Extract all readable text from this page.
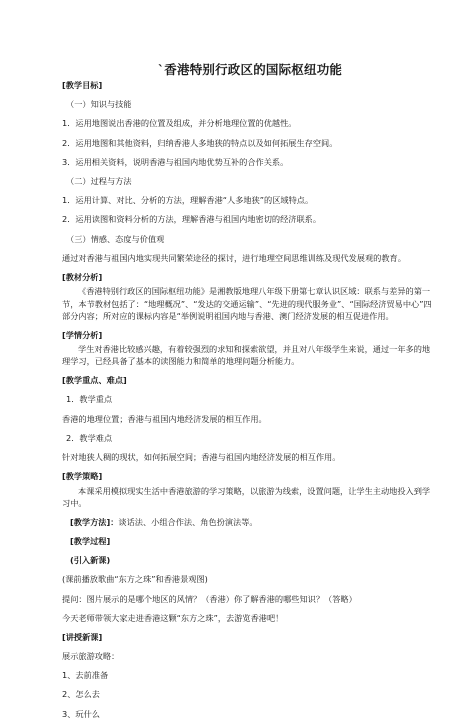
`香港特别行政区的国际枢纽功能
[教学目标]
（一）知识与技能
1．运用地图说出香港的位置及组成，并分析地理位置的优越性。
2．运用地图和其他资料，归纳香港人多地狭的特点以及如何拓展生存空间。
3．运用相关资料，说明香港与祖国内地优势互补的合作关系。
（二）过程与方法
1．运用计算、对比、分析的方法，理解香港“人多地狭”的区域特点。
2．运用读图和资料分析的方法，理解香港与祖国内地密切的经济联系。
（三）情感、态度与价值观
通过对香港与祖国内地实现共同繁荣途径的探讨，进行地理空间思维训练及现代发展观的教育。
[教材分析]
《香港特别行政区的国际枢纽功能》是湘教版地理八年级下册第七章认识区域：联系与差异的第一节，本节教材包括了：“地理概况”、“发达的交通运输”、“先进的现代服务业”、“国际经济贸易中心”四部分内容；所对应的课标内容是“举例说明祖国内地与香港、澳门经济发展的相互促进作用。
[学情分析]
学生对香港比较感兴趣，有着较强烈的求知和探索欲望，并且对八年级学生来说，通过一年多的地理学习，已经具备了基本的读图能力和简单的地理问题分析能力。
[教学重点、难点]
1．教学重点
香港的地理位置；香港与祖国内地经济发展的相互作用。
2．教学难点
针对地狭人稠的现状，如何拓展空间；香港与祖国内地经济发展的相互作用。
[教学策略]
本课采用模拟现实生活中香港旅游的学习策略，以旅游为线索，设置问题，让学生主动地投入到学习中。
[教学方法]：谈话法、小组合作法、角色扮演法等。
[教学过程]
(引入新课)
(课前播放歌曲“东方之珠”和香港景观图)
提问：图片展示的是哪个地区的风情？（香港）你了解香港的哪些知识？（答略）
今天老师带领大家走进香港这颗“东方之珠”，去游览香港吧！
[讲授新课]
展示旅游攻略：
1、去前准备
2、怎么去
3、玩什么
